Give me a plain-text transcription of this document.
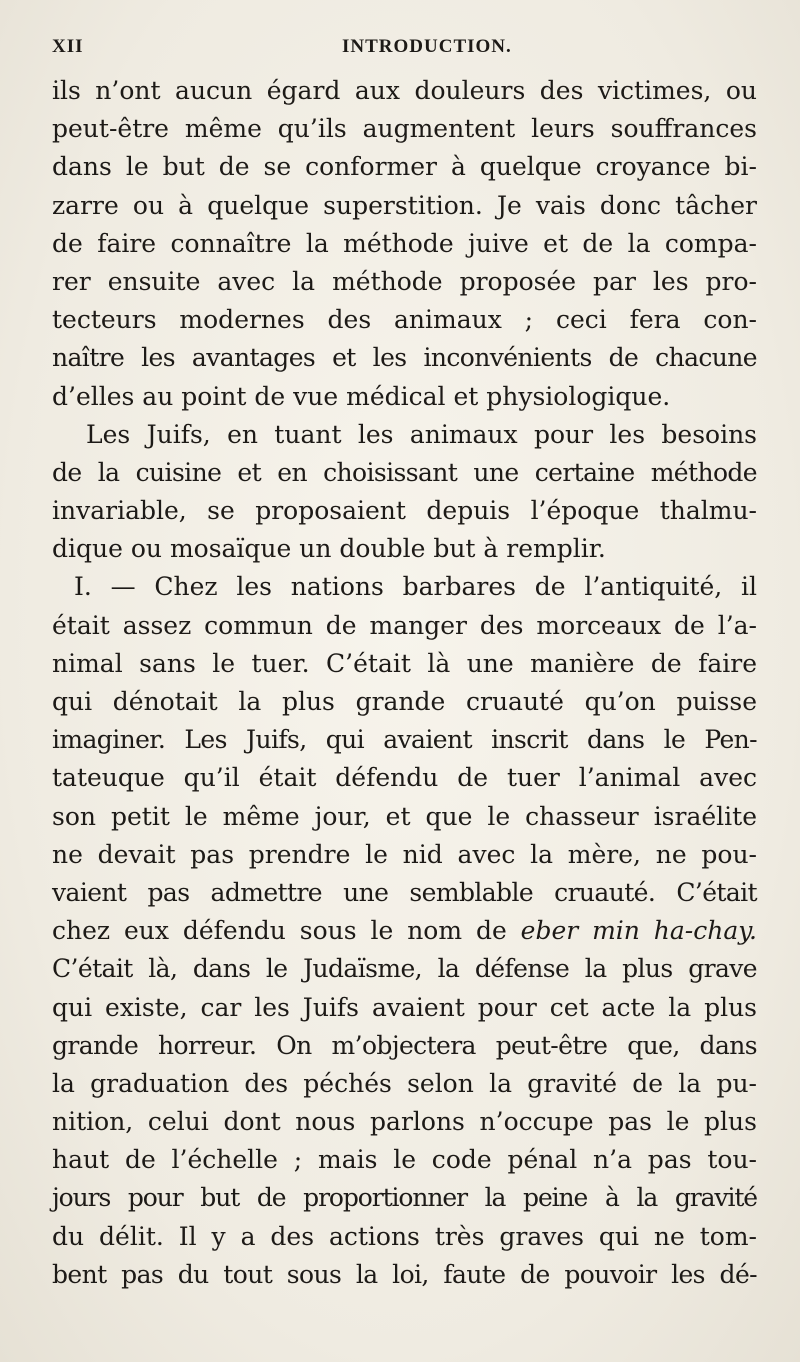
XII	INTRODUCTION.
ils n’ont aucun égard aux douleurs des victimes, ou
peut-être même qu’ils augmentent leurs souffrances
dans le but de se conformer à quelque croyance bi-
zarre ou à quelque superstition. Je vais donc tâcher
de faire connaître la méthode juive et de la compa-
rer ensuite avec la méthode proposée par les pro-
tecteurs modernes des animaux ; ceci fera con-
naître les avantages et les inconvénients de chacune
d’elles au point de vue médical et physiologique.
Les Juifs, en tuant les animaux pour les besoins
de la cuisine et en choisissant une certaine méthode
invariable, se proposaient depuis l’époque thalmu-
dique ou mosaïque un double but à remplir.
I. — Chez les nations barbares de l’antiquité, il
était assez commun de manger des morceaux de l’a-
nimal sans le tuer. C’était là une manière de faire
qui dénotait la plus grande cruauté qu’on puisse
imaginer. Les Juifs, qui avaient inscrit dans le Pen-
tateuque qu’il était défendu de tuer l’animal avec
son petit le même jour, et que le chasseur israélite
ne devait pas prendre le nid avec la mère, ne pou-
vaient pas admettre une semblable cruauté. C’était
chez eux défendu sous le nom de eber min ha-chay.
C’était là, dans le Judaïsme, la défense la plus grave
qui existe, car les Juifs avaient pour cet acte la plus
grande horreur. On m’objectera peut-être que, dans
la graduation des péchés selon la gravité de la pu-
nition, celui dont nous parlons n’occupe pas le plus
haut de l’échelle ; mais le code pénal n’a pas tou-
jours pour but de proportionner la peine à la gravité
du délit. Il y a des actions très graves qui ne tom-
bent pas du tout sous la loi, faute de pouvoir les dé-
